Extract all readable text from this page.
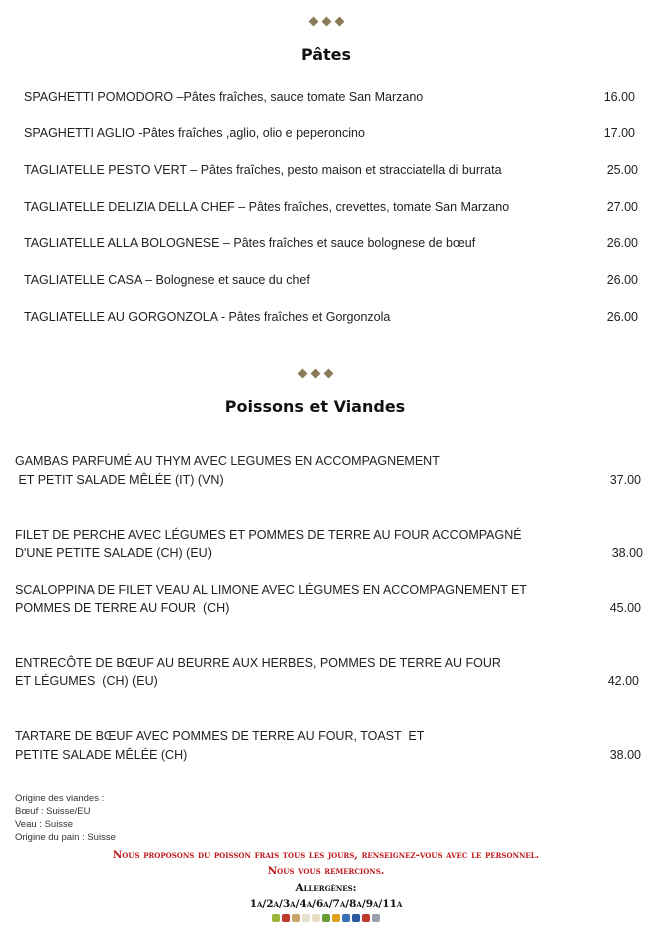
Pâtes
SPAGHETTI POMODORO –Pâtes fraîches, sauce tomate San Marzano	16.00
SPAGHETTI AGLIO -Pâtes fraîches ,aglio, olio e peperoncino	17.00
TAGLIATELLE PESTO VERT – Pâtes fraîches, pesto maison et stracciatella di burrata	25.00
TAGLIATELLE DELIZIA DELLA CHEF – Pâtes fraîches, crevettes, tomate San Marzano	27.00
TAGLIATELLE ALLA BOLOGNESE – Pâtes fraîches et sauce bolognese de bœuf	26.00
TAGLIATELLE CASA – Bolognese et sauce du chef	26.00
TAGLIATELLE AU GORGONZOLA - Pâtes fraîches et Gorgonzola	26.00
Poissons et Viandes
GAMBAS PARFUMÉ AU THYM AVEC LEGUMES EN ACCOMPAGNEMENT
ET PETIT SALADE MÊLÉE (IT) (VN)	37.00
FILET DE PERCHE AVEC LÉGUMES ET POMMES DE TERRE AU FOUR ACCOMPAGNÉ
D'UNE PETITE SALADE (CH) (EU)	38.00
SCALOPPINA DE FILET VEAU AL LIMONE AVEC LÉGUMES EN ACCOMPAGNEMENT ET
POMMES DE TERRE AU FOUR  (CH)	45.00
ENTRECÔTE DE BŒUF AU BEURRE AUX HERBES, POMMES DE TERRE AU FOUR
ET LÉGUMES  (CH) (EU)	42.00
TARTARE DE BŒUF AVEC POMMES DE TERRE AU FOUR, TOAST  ET
PETITE SALADE MÊLÉE (CH)	38.00
Origine des viandes :
Bœuf : Suisse/EU
Veau : Suisse
Origine du pain : Suisse
Nous proposons du poisson frais tous les jours, renseignez-vous avec le personnel.
Nous vous remercions.
Allergènes:
1a/2a/3a/4a/6a/7a/8a/9a/11a
